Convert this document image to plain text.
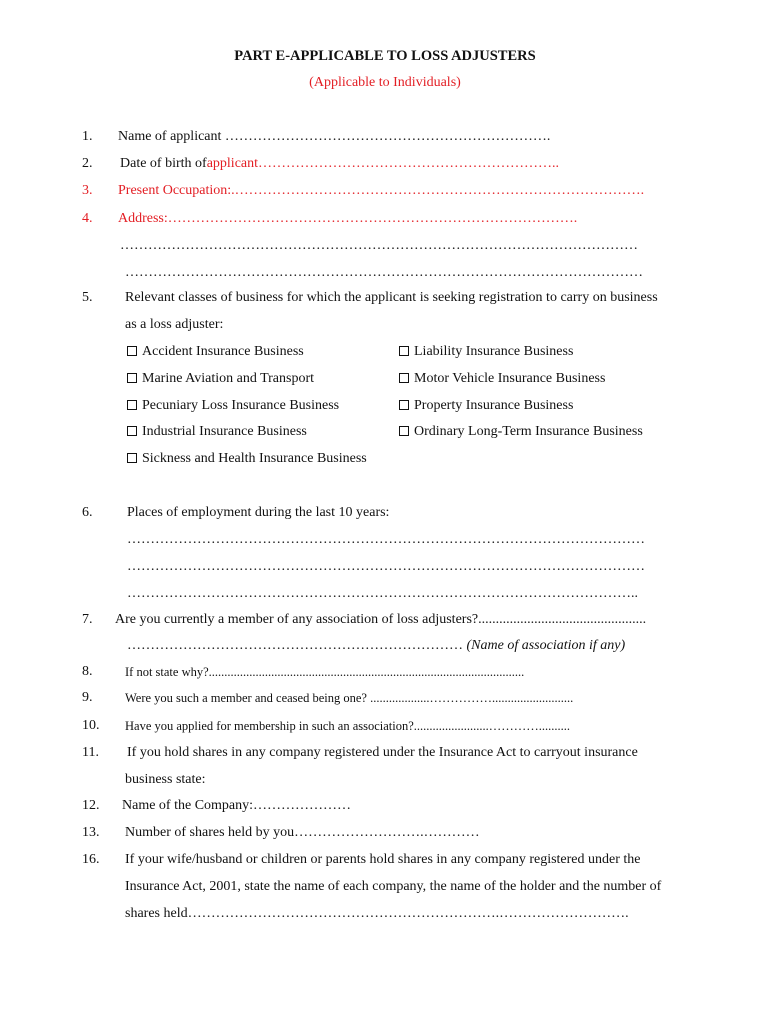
PART E-APPLICABLE TO LOSS ADJUSTERS
(Applicable to Individuals)
1. Name of applicant …………………………………………………………….
2. Date of birth ofapplicant………………………………………………………..
3. Present Occupation:.…………………………………………………………………………….
4. Address:…………………………………………………………………………….
…………………………………………………………………………………………………
…………………………………………………………………………………………………
5. Relevant classes of business for which the applicant is seeking registration to carry on business
as a loss adjuster:
Accident Insurance Business	Liability Insurance Business
Marine Aviation and Transport	Motor Vehicle Insurance Business
Pecuniary Loss Insurance Business	Property Insurance Business
Industrial Insurance Business	Ordinary Long-Term Insurance Business
Sickness and Health Insurance Business
6. Places of employment during the last 10 years:
…………………………………………………………………………………………………
…………………………………………………………………………………………………
………………………………………………………………………………………………..
7. Are you currently a member of any association of loss adjusters?................................................
……………………………………………………………… (Name of association if any)
8.	If not state why?.....................................................................................................
9.	Were you such a member and ceased being one? ...................……………..........................
10. Have you applied for membership in such an association?........................…………..........
11. If you hold shares in any company registered under the Insurance Act to carryout insurance
business state:
12. Name of the Company:…………………
13. Number of shares held by you……………………….…………
16. If your wife/husband or children or parents hold shares in any company registered under the
Insurance Act, 2001, state the name of each company, the name of the holder and the number of
shares held………………………………………………………….……………………….
